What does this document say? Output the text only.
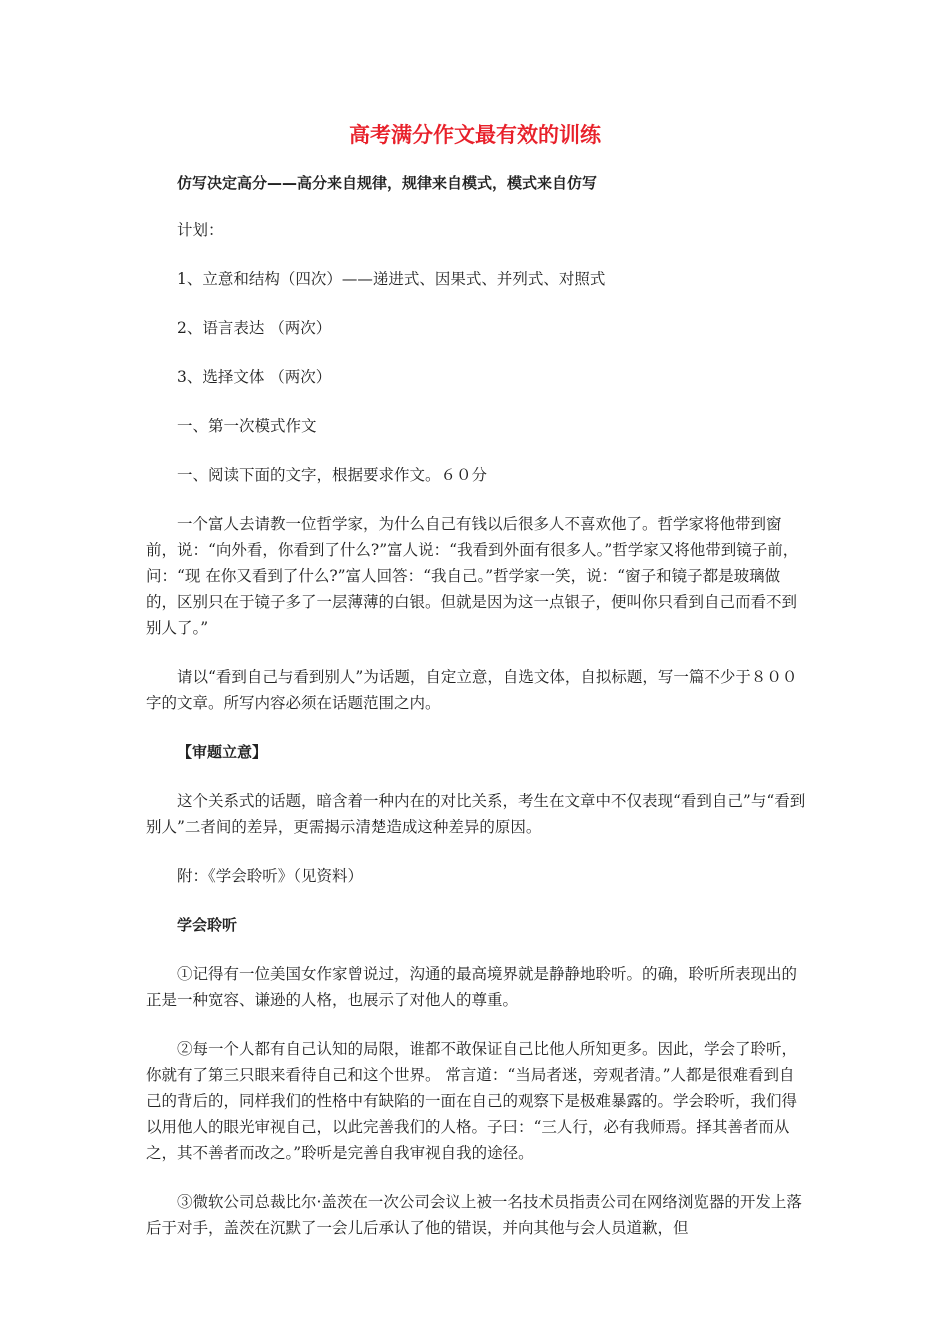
高考满分作文最有效的训练

仿写决定高分——高分来自规律，规律来自模式，模式来自仿写

计划：

1、立意和结构（四次）——递进式、因果式、并列式、对照式

2、语言表达 （两次）

3、选择文体 （两次）

一、第一次模式作文

一、阅读下面的文字，根据要求作文。６０分

一个富人去请教一位哲学家，为什么自己有钱以后很多人不喜欢他了。哲学家将他带到窗前，说：“向外看，你看到了什么?”富人说：“我看到外面有很多人。”哲学家又将他带到镜子前，问：“现 在你又看到了什么?”富人回答：“我自己。”哲学家一笑，说：“窗子和镜子都是玻璃做的，区别只在于镜子多了一层薄薄的白银。但就是因为这一点银子，便叫你只看到自己而看不到别人了。”

请以“看到自己与看到别人”为话题，自定立意，自选文体，自拟标题，写一篇不少于８００字的文章。所写内容必须在话题范围之内。

【审题立意】

这个关系式的话题，暗含着一种内在的对比关系，考生在文章中不仅表现“看到自己”与“看到别人”二者间的差异，更需揭示清楚造成这种差异的原因。

附：《学会聆听》（见资料）

学会聆听

①记得有一位美国女作家曾说过，沟通的最高境界就是静静地聆听。的确，聆听所表现出的正是一种宽容、谦逊的人格，也展示了对他人的尊重。

②每一个人都有自己认知的局限，谁都不敢保证自己比他人所知更多。因此，学会了聆听，你就有了第三只眼来看待自己和这个世界。 常言道：“当局者迷，旁观者清。”人都是很难看到自己的背后的，同样我们的性格中有缺陷的一面在自己的观察下是极难暴露的。学会聆听，我们得以用他人的眼光审视自己，以此完善我们的人格。子曰：“三人行，必有我师焉。择其善者而从之，其不善者而改之。”聆听是完善自我审视自我的途径。

③微软公司总裁比尔·盖茨在一次公司会议上被一名技术员指责公司在网络浏览器的开发上落后于对手，盖茨在沉默了一会儿后承认了他的错误，并向其他与会人员道歉，但
